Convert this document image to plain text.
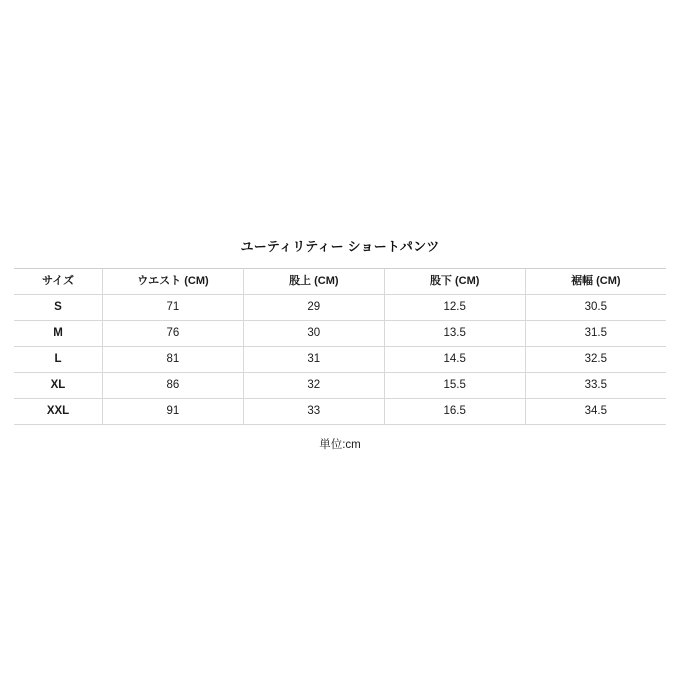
ユーティリティー ショートパンツ
サイズ	ウエスト (CM)	股上 (CM)	股下 (CM)	裾幅 (CM)
S	71	29	12.5	30.5
M	76	30	13.5	31.5
L	81	31	14.5	32.5
XL	86	32	15.5	33.5
XXL	91	33	16.5	34.5
単位:cm
